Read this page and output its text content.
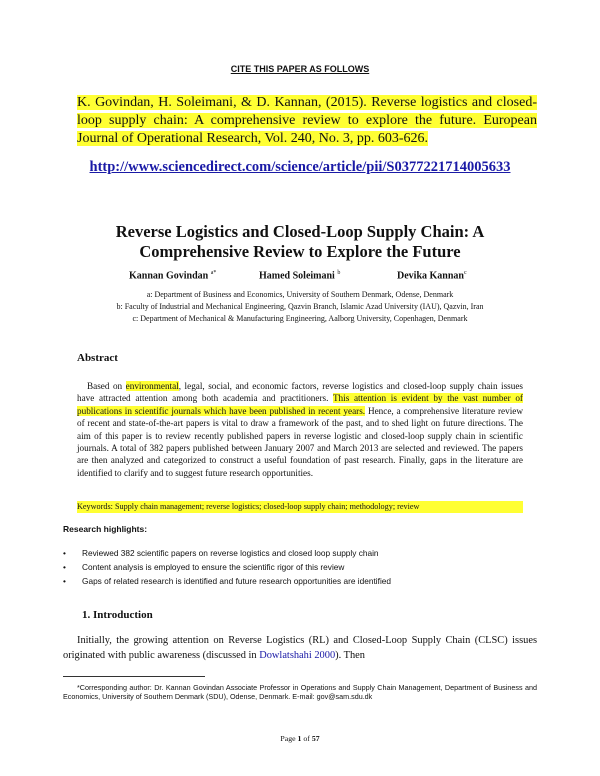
CITE THIS PAPER AS FOLLOWS
K. Govindan, H. Soleimani, & D. Kannan, (2015). Reverse logistics and closed-loop supply chain: A comprehensive review to explore the future. European Journal of Operational Research, Vol. 240, No. 3, pp. 603-626.
http://www.sciencedirect.com/science/article/pii/S0377221714005633
Reverse Logistics and Closed-Loop Supply Chain: A Comprehensive Review to Explore the Future
Kannan Govindan $^{a*}$	Hamed Soleimani $^b$	Devika Kannan$^c$
a: Department of Business and Economics, University of Southern Denmark, Odense, Denmark
b: Faculty of Industrial and Mechanical Engineering, Qazvin Branch, Islamic Azad University (IAU), Qazvin, Iran
c: Department of Mechanical & Manufacturing Engineering, Aalborg University, Copenhagen, Denmark
Abstract
Based on environmental, legal, social, and economic factors, reverse logistics and closed-loop supply chain issues have attracted attention among both academia and practitioners. This attention is evident by the vast number of publications in scientific journals which have been published in recent years. Hence, a comprehensive literature review of recent and state-of-the-art papers is vital to draw a framework of the past, and to shed light on future directions. The aim of this paper is to review recently published papers in reverse logistic and closed-loop supply chain in scientific journals. A total of 382 papers published between January 2007 and March 2013 are selected and reviewed. The papers are then analyzed and categorized to construct a useful foundation of past research. Finally, gaps in the literature are identified to clarify and to suggest future research opportunities.
Keywords: Supply chain management; reverse logistics; closed-loop supply chain; methodology; review
Research highlights:
• Reviewed 382 scientific papers on reverse logistics and closed loop supply chain
• Content analysis is employed to ensure the scientific rigor of this review
• Gaps of related research is identified and future research opportunities are identified
1. Introduction
Initially, the growing attention on Reverse Logistics (RL) and Closed-Loop Supply Chain (CLSC) issues originated with public awareness (discussed in Dowlatshahi 2000). Then
*Corresponding author: Dr. Kannan Govindan Associate Professor in Operations and Supply Chain Management, Department of Business and Economics, University of Southern Denmark (SDU), Odense, Denmark. E-mail: gov@sam.sdu.dk
Page 1 of 57
